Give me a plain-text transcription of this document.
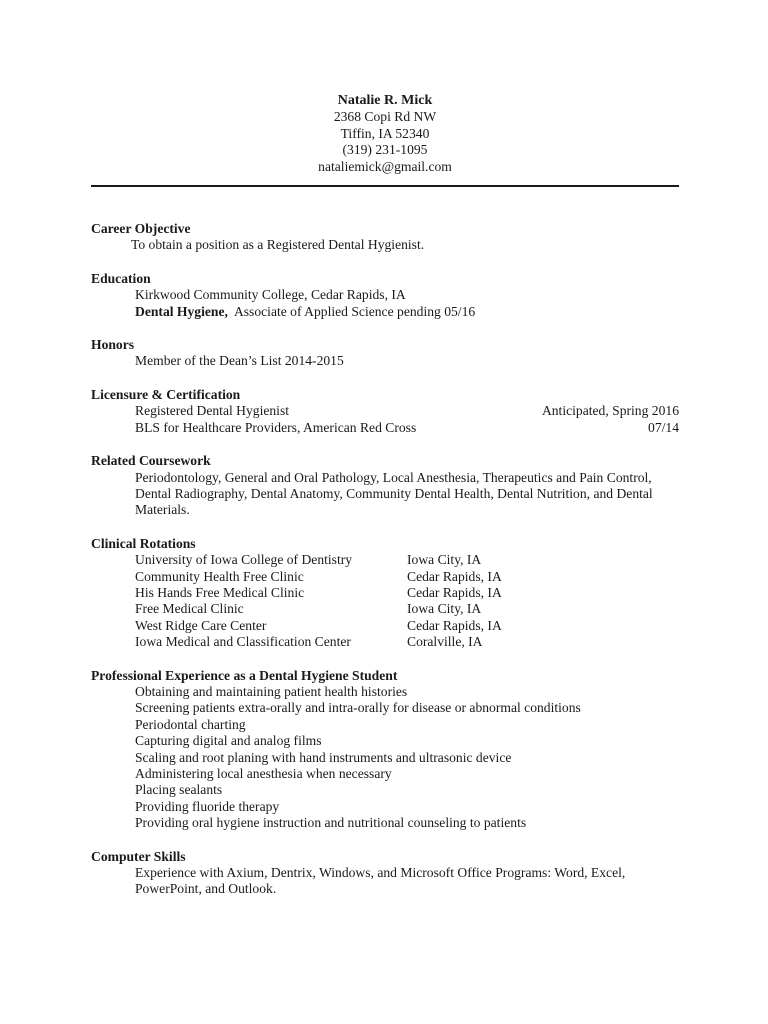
Natalie R. Mick
2368 Copi Rd NW
Tiffin, IA 52340
(319) 231-1095
nataliemick@gmail.com
Career Objective
To obtain a position as a Registered Dental Hygienist.
Education
Kirkwood Community College, Cedar Rapids, IA
Dental Hygiene, Associate of Applied Science pending 05/16
Honors
Member of the Dean’s List 2014-2015
Licensure & Certification
Registered Dental Hygienist	Anticipated, Spring 2016
BLS for Healthcare Providers, American Red Cross	07/14
Related Coursework
Periodontology, General and Oral Pathology, Local Anesthesia, Therapeutics and Pain Control,
Dental Radiography, Dental Anatomy, Community Dental Health, Dental Nutrition, and Dental
Materials.
Clinical Rotations
University of Iowa College of Dentistry	Iowa City, IA
Community Health Free Clinic	Cedar Rapids, IA
His Hands Free Medical Clinic	Cedar Rapids, IA
Free Medical Clinic	Iowa City, IA
West Ridge Care Center	Cedar Rapids, IA
Iowa Medical and Classification Center	Coralville, IA
Professional Experience as a Dental Hygiene Student
Obtaining and maintaining patient health histories
Screening patients extra-orally and intra-orally for disease or abnormal conditions
Periodontal charting
Capturing digital and analog films
Scaling and root planing with hand instruments and ultrasonic device
Administering local anesthesia when necessary
Placing sealants
Providing fluoride therapy
Providing oral hygiene instruction and nutritional counseling to patients
Computer Skills
Experience with Axium, Dentrix, Windows, and Microsoft Office Programs: Word, Excel,
PowerPoint, and Outlook.
